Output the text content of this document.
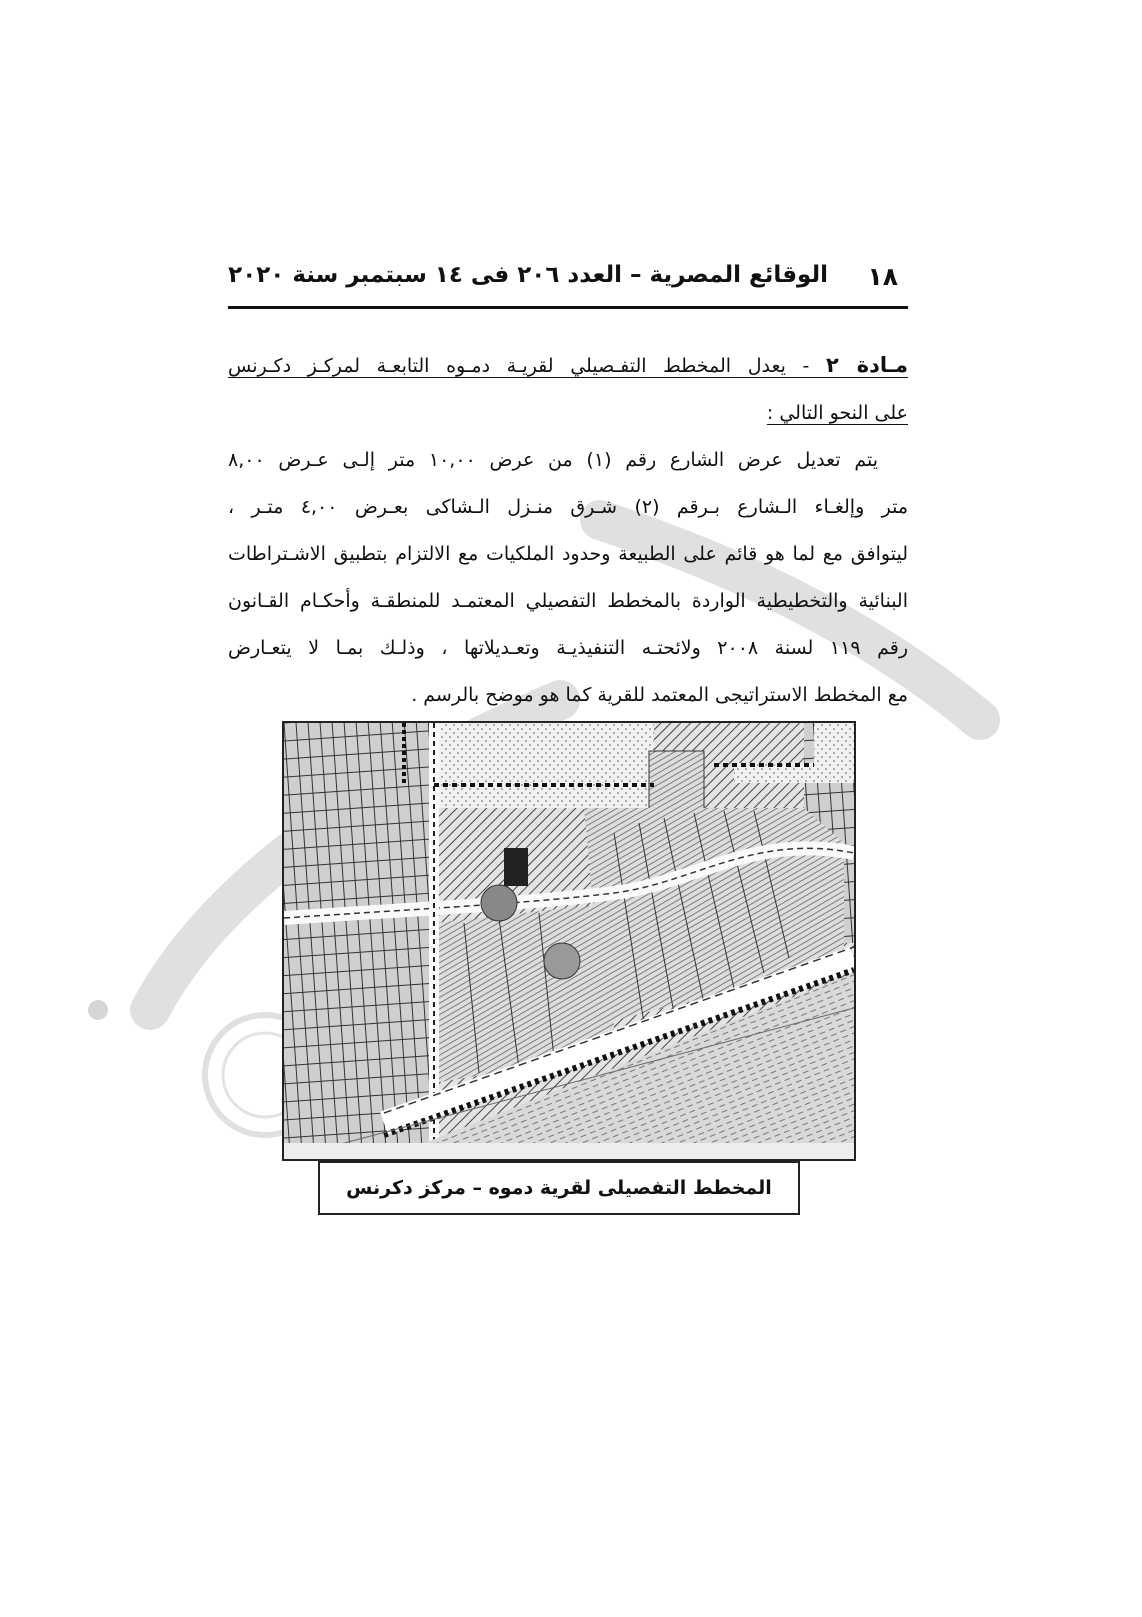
١٨
الوقائع المصرية – العدد ٢٠٦ فى ١٤ سبتمبر سنة ٢٠٢٠
مـادة ٢ - يعدل المخطط التفـصيلي لقريـة دمـوه التابعـة لمركـز دكـرنس
على النحو التالي :
يتم تعديل عرض الشارع رقم (١) من عرض ١٠,٠٠ متر إلـى عـرض ٨,٠٠
متر وإلغـاء الـشارع بـرقم (٢) شـرق منـزل الـشاكى بعـرض ٤,٠٠ متـر ،
ليتوافق مع لما هو قائم على الطبيعة وحدود الملكيات مع الالتزام بتطبيق الاشـتراطات
البنائية والتخطيطية الواردة بالمخطط التفصيلي المعتمـد للمنطقـة وأحكـام القـانون
رقم ١١٩ لسنة ٢٠٠٨ ولائحتـه التنفيذيـة وتعـديلاتها ، وذلـك بمـا لا يتعـارض
مع المخطط الاستراتيجى المعتمد للقرية كما هو موضح بالرسم .
المخطط التفصيلى لقرية دموه – مركز دكرنس
